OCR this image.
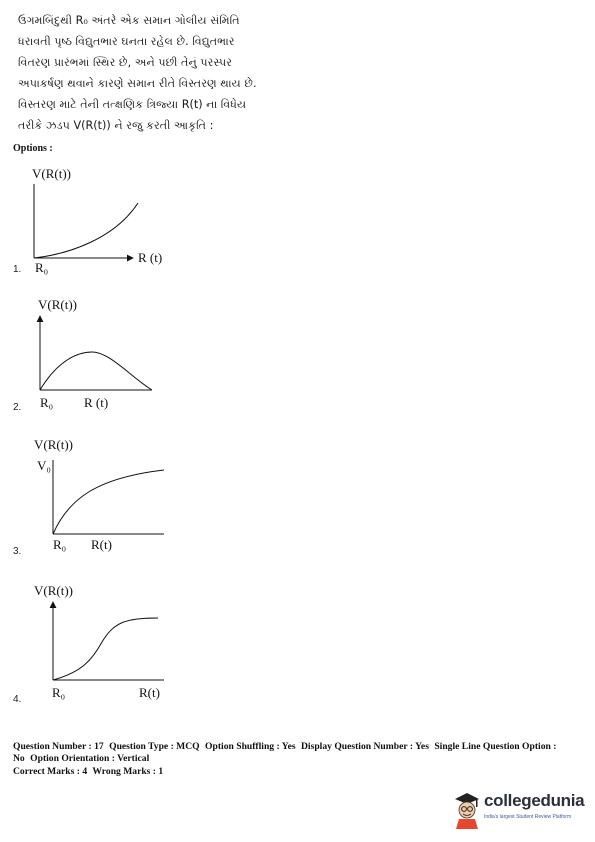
ઉગમબિંદુથી R₀ અંતરે એક સમાન ગોલીય સંમિતિ
ધરાવતી પૃષ્ઠ વિદ્યુતભાર ઘનતા રહેલ છે. વિદ્યુતભાર
વિતરણ પ્રારંભમાં સ્થિર છે, અને પછી તેનું પરસ્પર
અપાકર્ષણ થવાને કારણે સમાન રીતે વિસ્તરણ થાય છે.
વિસ્તરણ માટે તેની તત્ક્ષણિક ત્રિજ્યા R(t) ના વિધેય
તરીકે ઝડપ V(R(t)) ને રજુ કરતી આકૃતિ :
Options :
1.
V(R(t))
R (t)
R₀
V(R(t))
R₀ R (t)
V(R(t))
V₀
R₀ R(t)
V(R(t))
R₀	R(t)
2.
3.
4.
Question Number : 17 Question Type : MCQ Option Shuffling : Yes Display Question Number : Yes Single Line Question Option :
No Option Orientation : Vertical
Correct Marks : 4 Wrong Marks : 1
collegedunia
India's largest Student Review Platform
